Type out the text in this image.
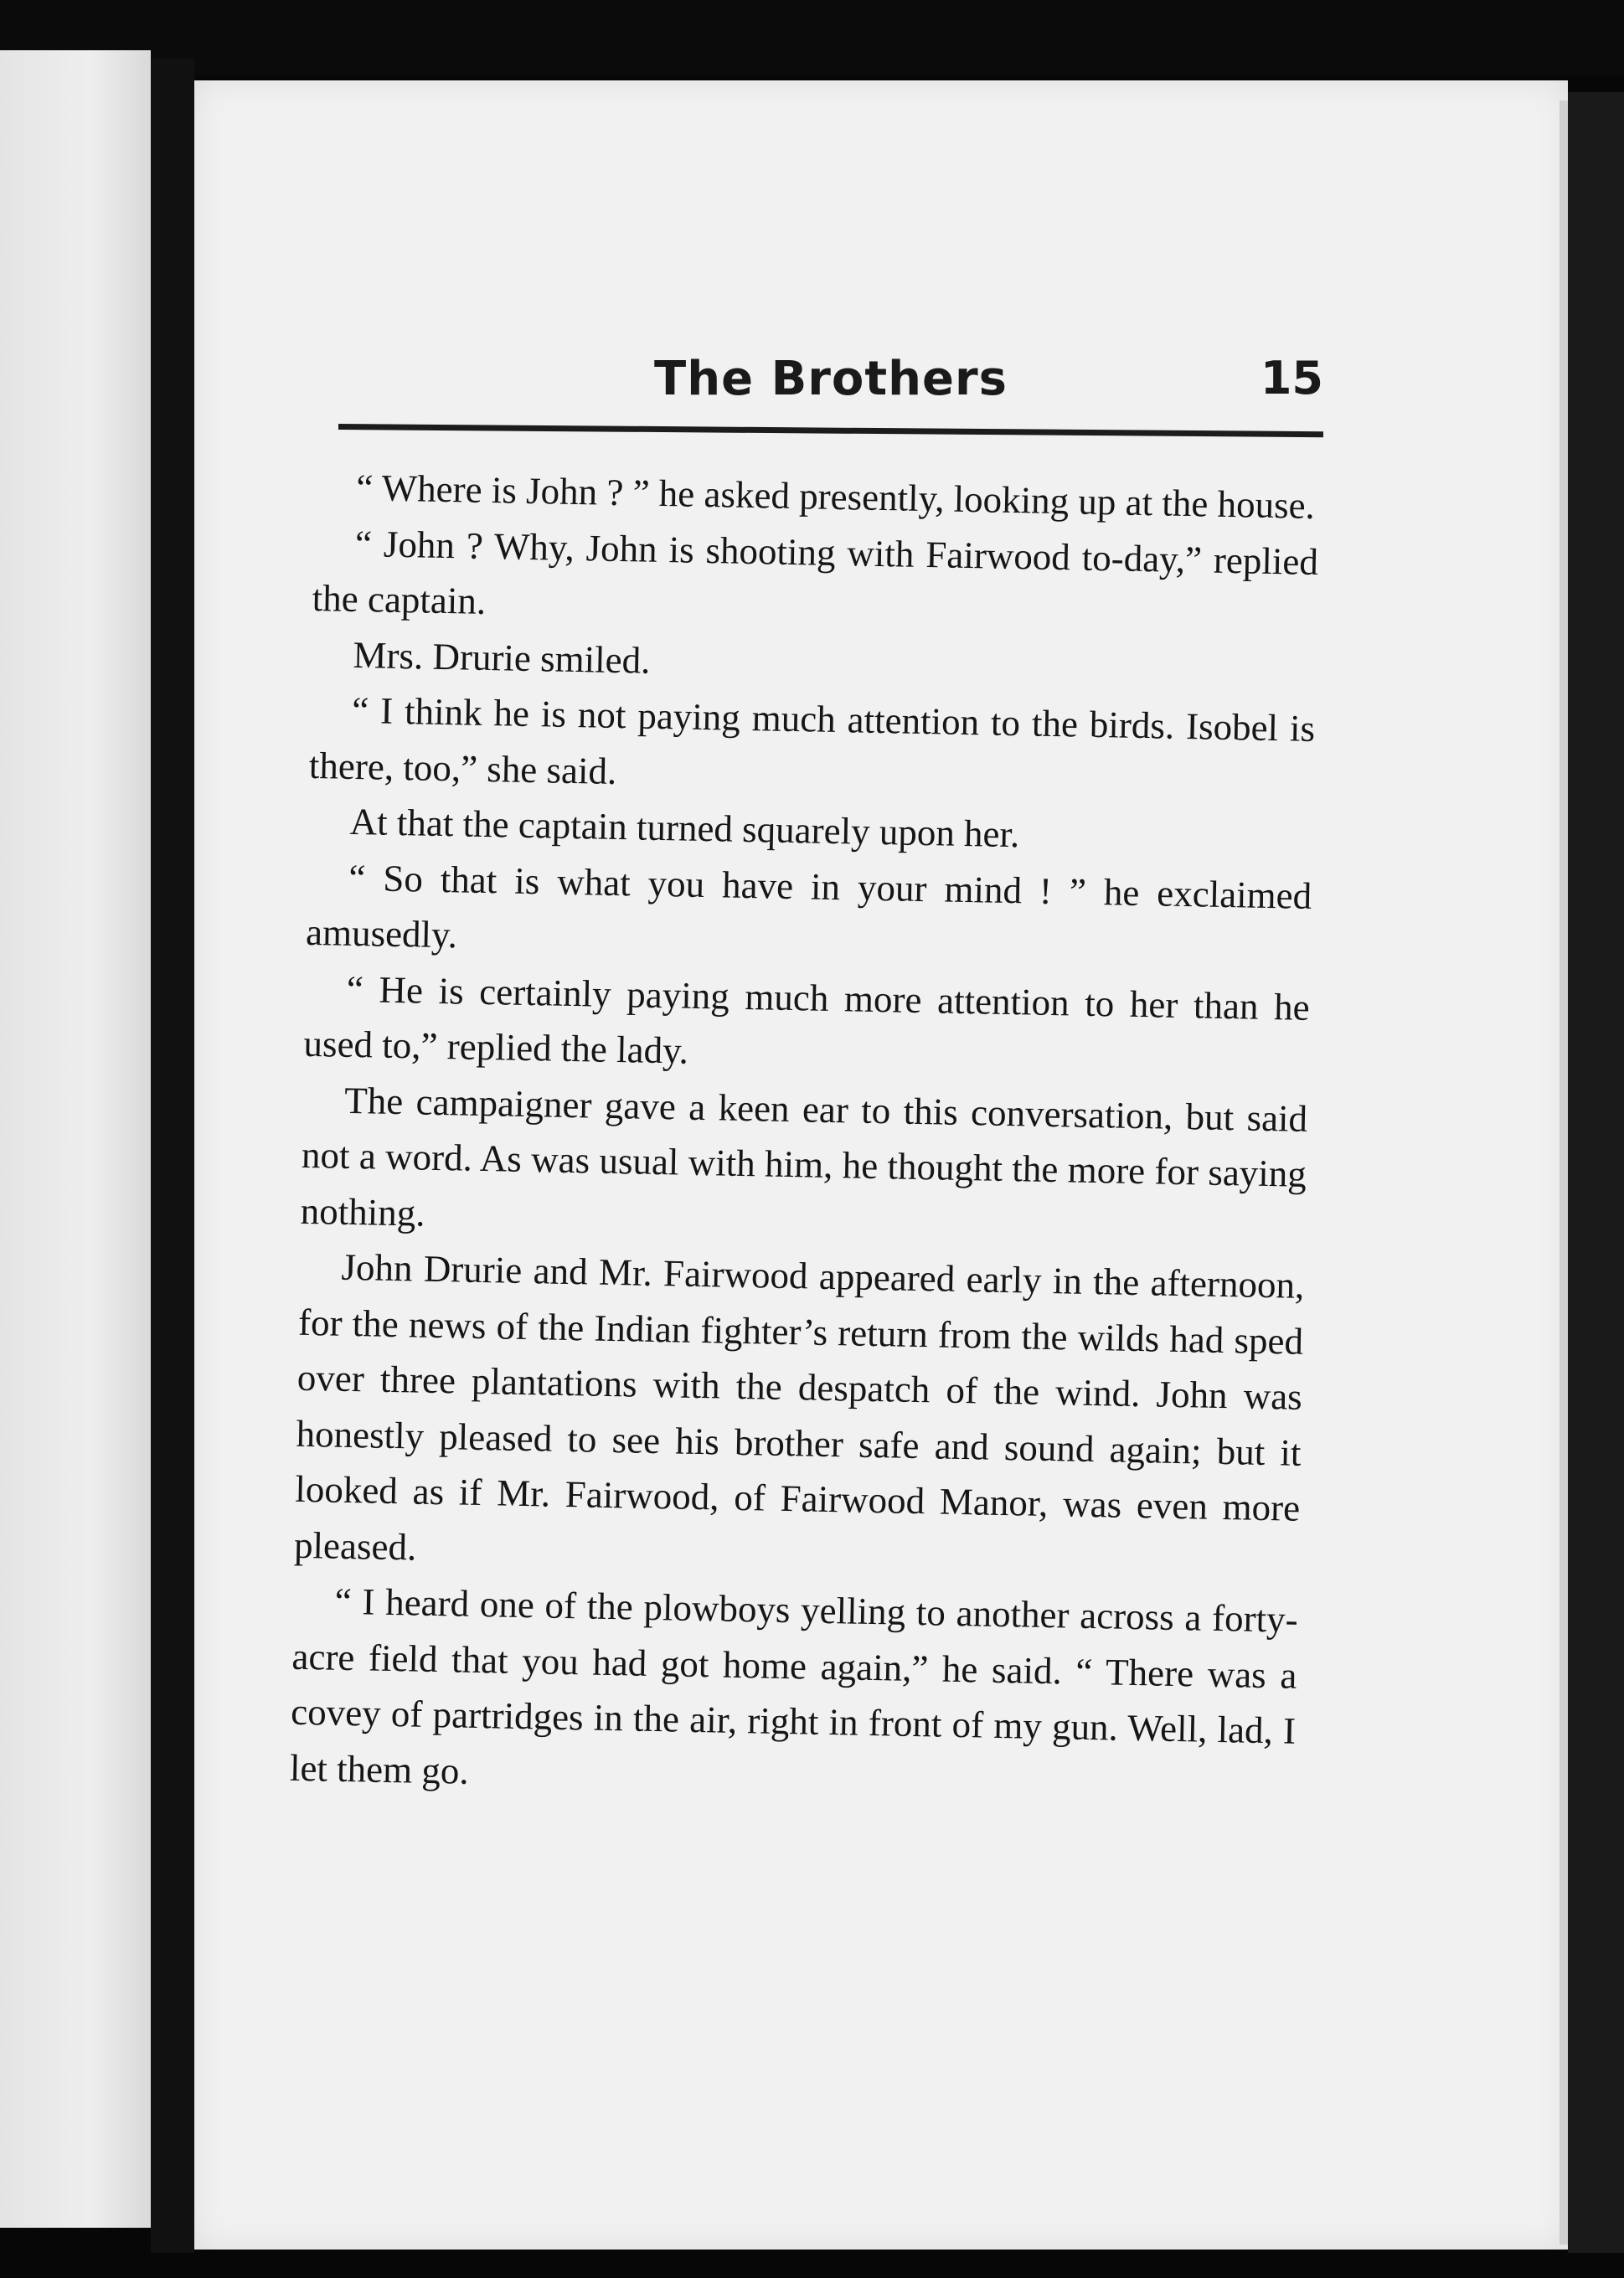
The Brothers	15

“ Where is John ? ” he asked presently, looking up at the house.

“ John ? Why, John is shooting with Fairwood to-day,” replied the captain.

Mrs. Drurie smiled.

“ I think he is not paying much attention to the birds. Isobel is there, too,” she said.

At that the captain turned squarely upon her.

“ So that is what you have in your mind ! ” he exclaimed amusedly.

“ He is certainly paying much more attention to her than he used to,” replied the lady.

The campaigner gave a keen ear to this conversation, but said not a word. As was usual with him, he thought the more for saying nothing.

John Drurie and Mr. Fairwood appeared early in the afternoon, for the news of the Indian fighter’s return from the wilds had sped over three plantations with the despatch of the wind. John was honestly pleased to see his brother safe and sound again; but it looked as if Mr. Fairwood, of Fairwood Manor, was even more pleased.

“ I heard one of the plowboys yelling to another across a forty-acre field that you had got home again,” he said. “ There was a covey of partridges in the air, right in front of my gun. Well, lad, I let them go.
